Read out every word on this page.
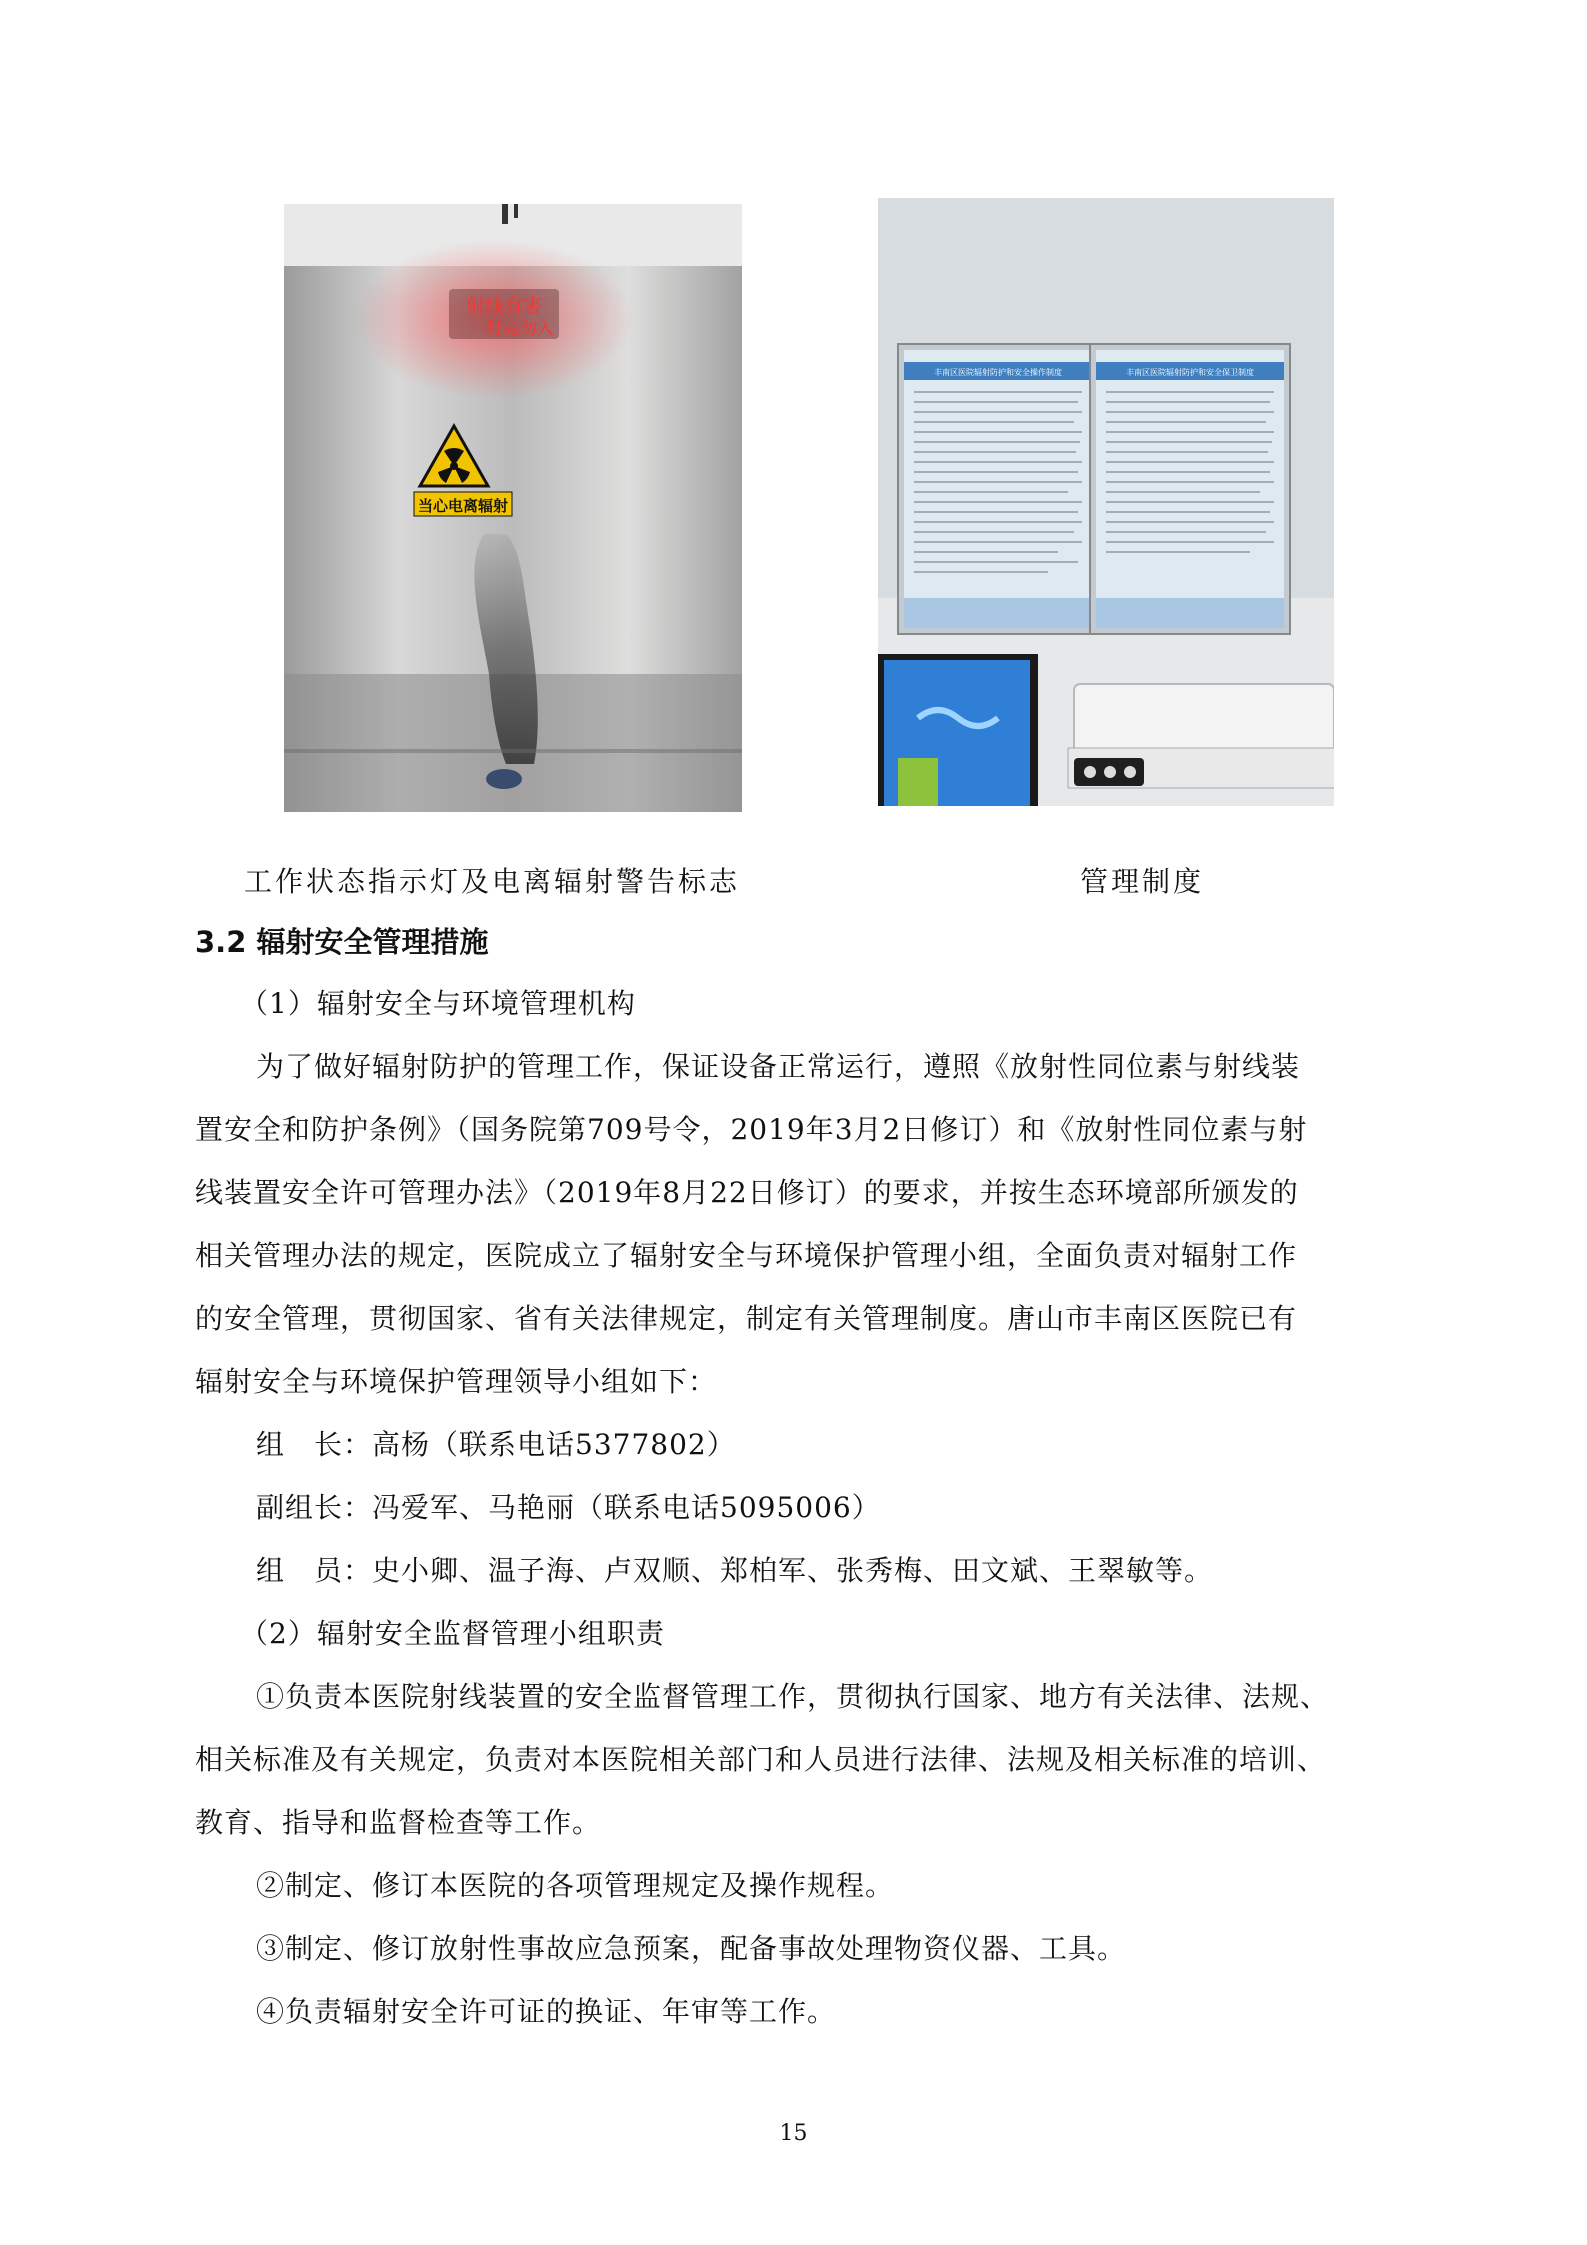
射线有害
灯亮勿入
当心电离辐射
丰南区医院辐射防护和安全操作制度	丰南区医院辐射防护和安全保卫制度
工作状态指示灯及电离辐射警告标志	管理制度
3.2 辐射安全管理措施
（1）辐射安全与环境管理机构
为了做好辐射防护的管理工作，保证设备正常运行，遵照《放射性同位素与射线装
置安全和防护条例》（国务院第709号令，2019年3月2日修订）和《放射性同位素与射
线装置安全许可管理办法》（2019年8月22日修订）的要求，并按生态环境部所颁发的
相关管理办法的规定，医院成立了辐射安全与环境保护管理小组，全面负责对辐射工作
的安全管理，贯彻国家、省有关法律规定，制定有关管理制度。唐山市丰南区医院已有
辐射安全与环境保护管理领导小组如下：
组　长：高杨（联系电话5377802）
副组长：冯爱军、马艳丽（联系电话5095006）
组　员：史小卿、温子海、卢双顺、郑柏军、张秀梅、田文斌、王翠敏等。
（2）辐射安全监督管理小组职责
①负责本医院射线装置的安全监督管理工作，贯彻执行国家、地方有关法律、法规、
相关标准及有关规定，负责对本医院相关部门和人员进行法律、法规及相关标准的培训、
教育、指导和监督检查等工作。
②制定、修订本医院的各项管理规定及操作规程。
③制定、修订放射性事故应急预案，配备事故处理物资仪器、工具。
④负责辐射安全许可证的换证、年审等工作。
15
